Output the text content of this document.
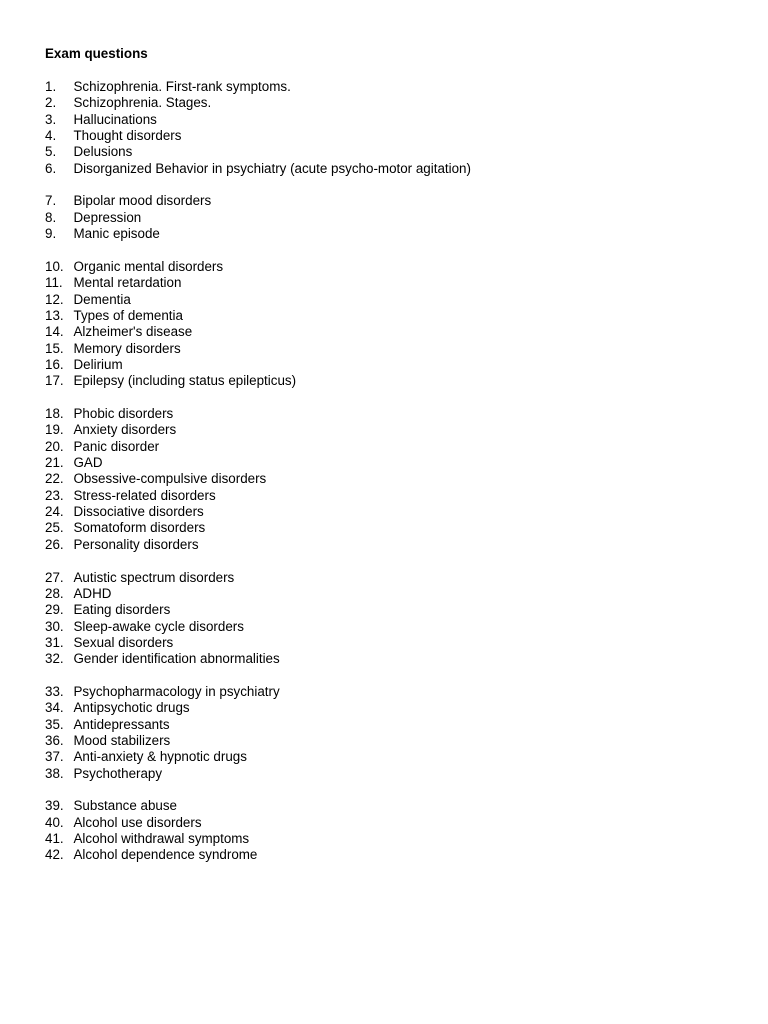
Exam questions
1.	Schizophrenia. First-rank symptoms.
2.	Schizophrenia. Stages.
3.	Hallucinations
4.	Thought disorders
5.	Delusions
6.	Disorganized Behavior in psychiatry (acute psycho-motor agitation)
7.	Bipolar mood disorders
8.	Depression
9.	Manic episode
10. Organic mental disorders
11. Mental retardation
12. Dementia
13. Types of dementia
14. Alzheimer's disease
15. Memory disorders
16. Delirium
17. Epilepsy (including status epilepticus)
18. Phobic disorders
19. Anxiety disorders
20. Panic disorder
21. GAD
22. Obsessive-compulsive disorders
23. Stress-related disorders
24. Dissociative disorders
25. Somatoform disorders
26. Personality disorders
27. Autistic spectrum disorders
28. ADHD
29. Eating disorders
30. Sleep-awake cycle disorders
31. Sexual disorders
32. Gender identification abnormalities
33. Psychopharmacology in psychiatry
34. Antipsychotic drugs
35. Antidepressants
36. Mood stabilizers
37. Anti-anxiety & hypnotic drugs
38. Psychotherapy
39. Substance abuse
40. Alcohol use disorders
41. Alcohol withdrawal symptoms
42. Alcohol dependence syndrome
